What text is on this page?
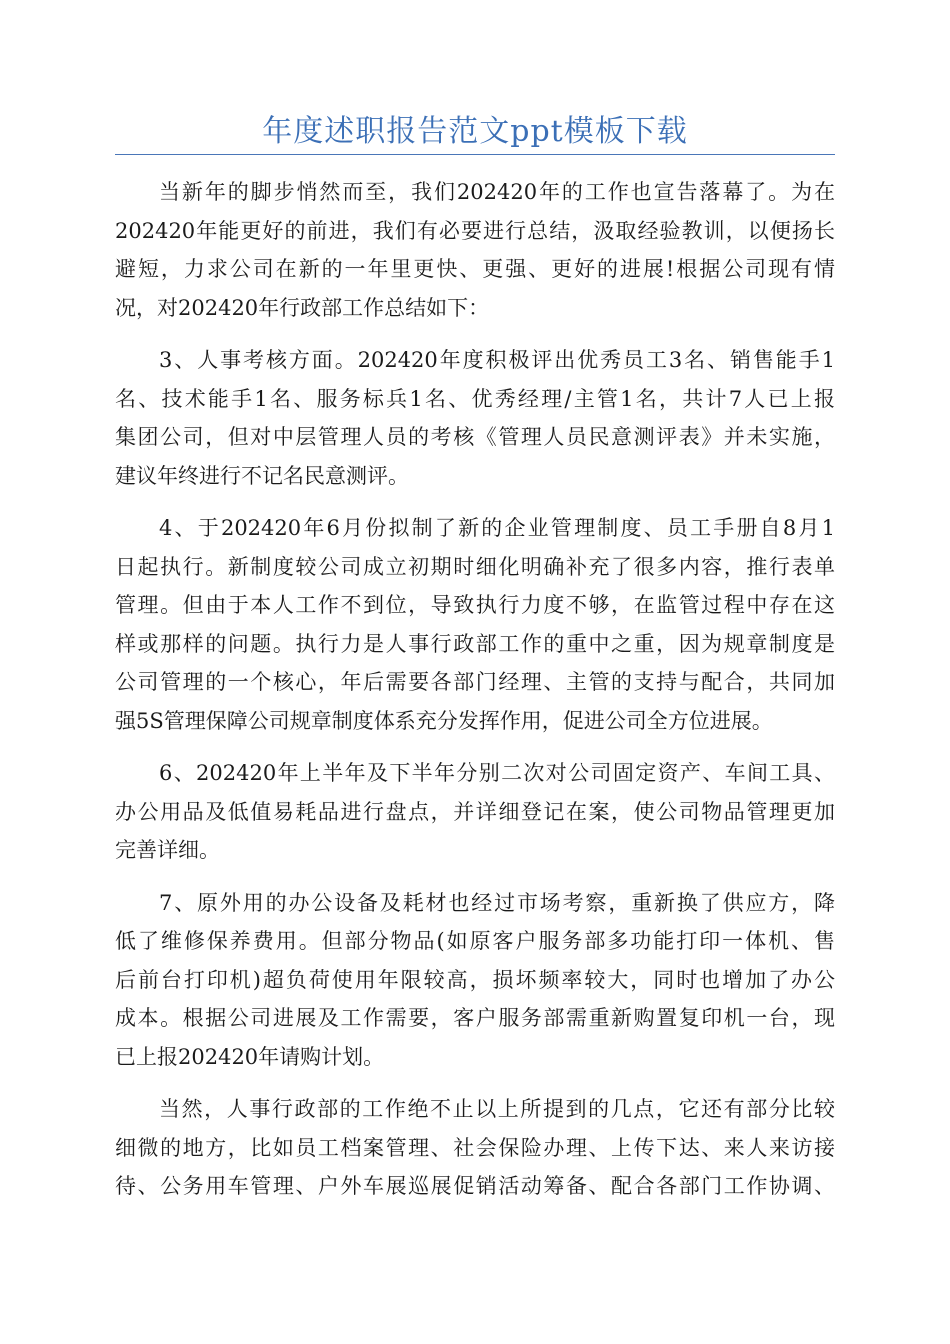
年度述职报告范文ppt模板下载
当新年的脚步悄然而至，我们202420年的工作也宣告落幕了。为在
202420年能更好的前进，我们有必要进行总结，汲取经验教训，以便扬长
避短，力求公司在新的一年里更快、更强、更好的进展!根据公司现有情
况，对202420年行政部工作总结如下：
3、人事考核方面。202420年度积极评出优秀员工3名、销售能手1
名、技术能手1名、服务标兵1名、优秀经理/主管1名，共计7人已上报
集团公司，但对中层管理人员的考核《管理人员民意测评表》并未实施，
建议年终进行不记名民意测评。
4、于202420年6月份拟制了新的企业管理制度、员工手册自8月1
日起执行。新制度较公司成立初期时细化明确补充了很多内容，推行表单
管理。但由于本人工作不到位，导致执行力度不够，在监管过程中存在这
样或那样的问题。执行力是人事行政部工作的重中之重，因为规章制度是
公司管理的一个核心，年后需要各部门经理、主管的支持与配合，共同加
强5S管理保障公司规章制度体系充分发挥作用，促进公司全方位进展。
6、202420年上半年及下半年分别二次对公司固定资产、车间工具、
办公用品及低值易耗品进行盘点，并详细登记在案，使公司物品管理更加
完善详细。
7、原外用的办公设备及耗材也经过市场考察，重新换了供应方，降
低了维修保养费用。但部分物品(如原客户服务部多功能打印一体机、售
后前台打印机)超负荷使用年限较高，损坏频率较大，同时也增加了办公
成本。根据公司进展及工作需要，客户服务部需重新购置复印机一台，现
已上报202420年请购计划。
当然，人事行政部的工作绝不止以上所提到的几点，它还有部分比较
细微的地方，比如员工档案管理、社会保险办理、上传下达、来人来访接
待、公务用车管理、户外车展巡展促销活动筹备、配合各部门工作协调、
